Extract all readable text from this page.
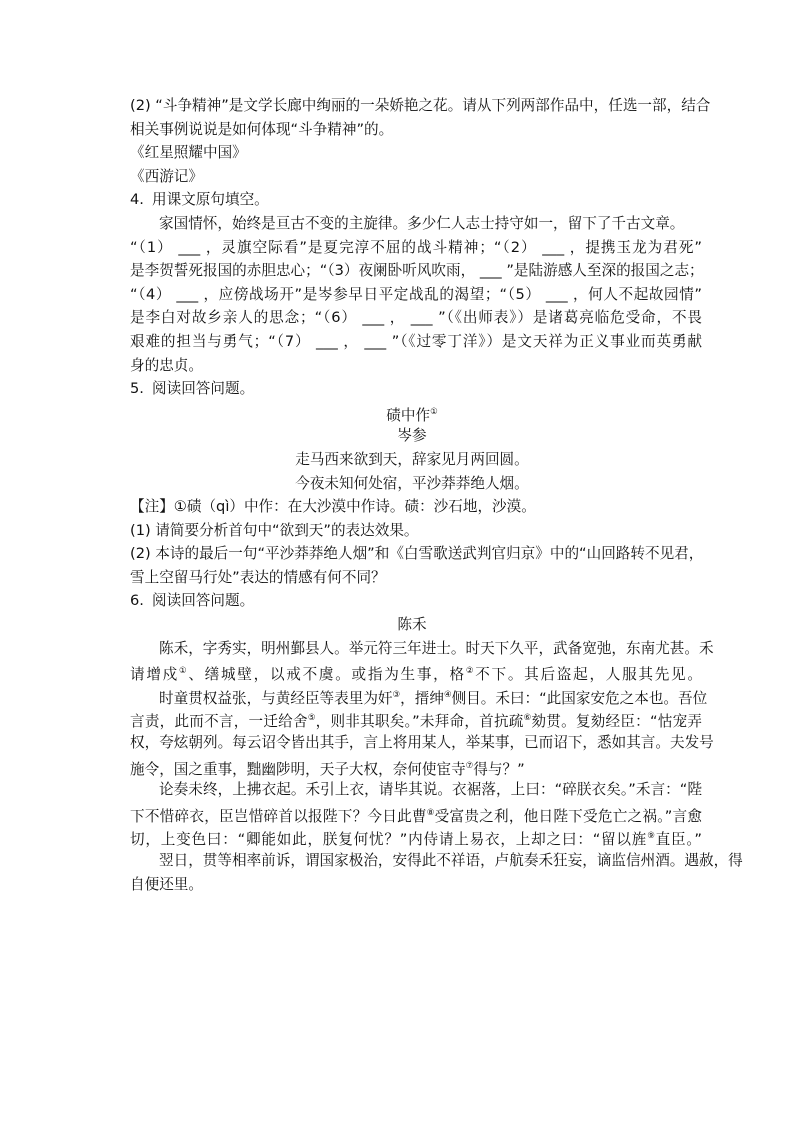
(2) “斗争精神”是文学长廊中绚丽的一朵娇艳之花。请从下列两部作品中，任选一部，结合
相关事例说说是如何体现“斗争精神”的。
《红星照耀中国》
《西游记》
4. 用课文原句填空。
家国情怀，始终是亘古不变的主旋律。多少仁人志士持守如一，留下了千古文章。
“（1） ___ ，灵旗空际看”是夏完淳不屈的战斗精神；“（2） ___ ，提携玉龙为君死”
是李贺誓死报国的赤胆忠心；“（3）夜阑卧听风吹雨， ___ ”是陆游感人至深的报国之志；
“（4） ___ ，应傍战场开”是岑参早日平定战乱的渴望；“（5） ___ ，何人不起故园情”
是李白对故乡亲人的思念；“（6） ___ ， ___ ”（《出师表》）是诸葛亮临危受命，不畏
艰难的担当与勇气；“（7） ___ ， ___ ”（《过零丁洋》）是文天祥为正义事业而英勇献
身的忠贞。
5. 阅读回答问题。
碛中作①
岑参
走马西来欲到天，辞家见月两回圆。
今夜未知何处宿，平沙莽莽绝人烟。
【注】①碛（qì）中作：在大沙漠中作诗。碛：沙石地，沙漠。
(1) 请简要分析首句中“欲到天”的表达效果。
(2) 本诗的最后一句“平沙莽莽绝人烟”和《白雪歌送武判官归京》中的“山回路转不见君，
雪上空留马行处”表达的情感有何不同？
6. 阅读回答问题。
陈禾
陈禾，字秀实，明州鄞县人。举元符三年进士。时天下久平，武备宽弛，东南尤甚。禾
请增戍①、缮城壁，以戒不虞。或指为生事，格②不下。其后盗起，人服其先见。
时童贯权益张，与黄经臣等表里为奸③，搢绅④侧目。禾曰：“此国家安危之本也。吾位
言责，此而不言，一迁给舍⑤，则非其职矣。”未拜命，首抗疏⑥劾贯。复劾经臣：“怙宠弄
权，夸炫朝列。每云诏令皆出其手，言上将用某人，举某事，已而诏下，悉如其言。夫发号
施令，国之重事，黜幽陟明，天子大权，奈何使宦寺⑦得与？”
论奏未终，上拂衣起。禾引上衣，请毕其说。衣裾落，上曰：“碎朕衣矣。”禾言：“陛
下不惜碎衣，臣岂惜碎首以报陛下？今日此曹⑧受富贵之利，他日陛下受危亡之祸。”言愈
切，上变色曰：“卿能如此，朕复何忧？”内侍请上易衣，上却之曰：“留以旌⑨直臣。”
翌日，贯等相率前诉，谓国家极治，安得此不祥语，卢航奏禾狂妄，谪监信州酒。遇赦，得
自便还里。
